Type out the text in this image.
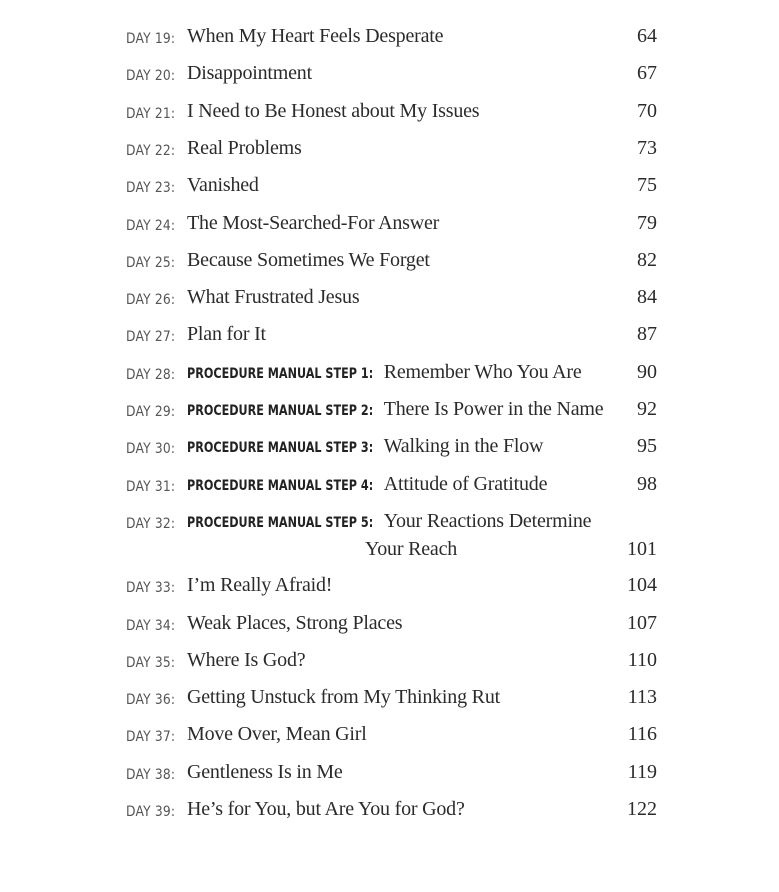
DAY 19: When My Heart Feels Desperate	64
DAY 20: Disappointment	67
DAY 21: I Need to Be Honest about My Issues	70
DAY 22: Real Problems	73
DAY 23: Vanished	75
DAY 24: The Most-Searched-For Answer	79
DAY 25: Because Sometimes We Forget	82
DAY 26: What Frustrated Jesus	84
DAY 27: Plan for It	87
DAY 28: PROCEDURE MANUAL STEP 1: Remember Who You Are	90
DAY 29: PROCEDURE MANUAL STEP 2: There Is Power in the Name 92
DAY 30: PROCEDURE MANUAL STEP 3: Walking in the Flow	95
DAY 31: PROCEDURE MANUAL STEP 4: Attitude of Gratitude	98
DAY 32: PROCEDURE MANUAL STEP 5: Your Reactions Determine
Your Reach	101
DAY 33: I’m Really Afraid!	104
DAY 34: Weak Places, Strong Places	107
DAY 35: Where Is God?	110
DAY 36: Getting Unstuck from My Thinking Rut	113
DAY 37: Move Over, Mean Girl	116
DAY 38: Gentleness Is in Me	119
DAY 39: He’s for You, but Are You for God?	122
